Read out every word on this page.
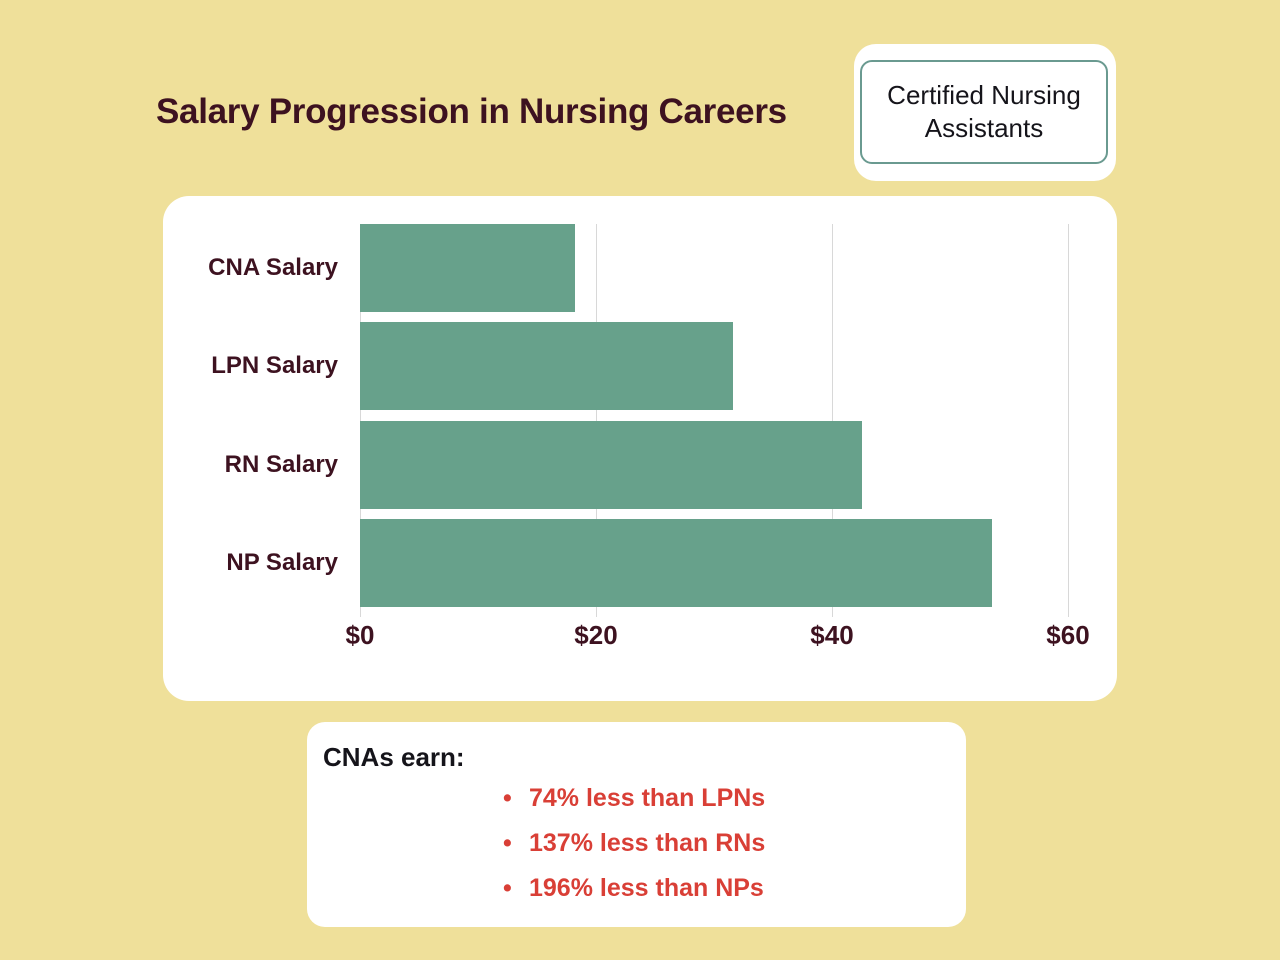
Salary Progression in Nursing Careers	Certified Nursing Assistants
CNA Salary
LPN Salary
RN Salary
NP Salary
$0	$20	$40	$60
CNAs earn:
• 74% less than LPNs
• 137% less than RNs
• 196% less than NPs
